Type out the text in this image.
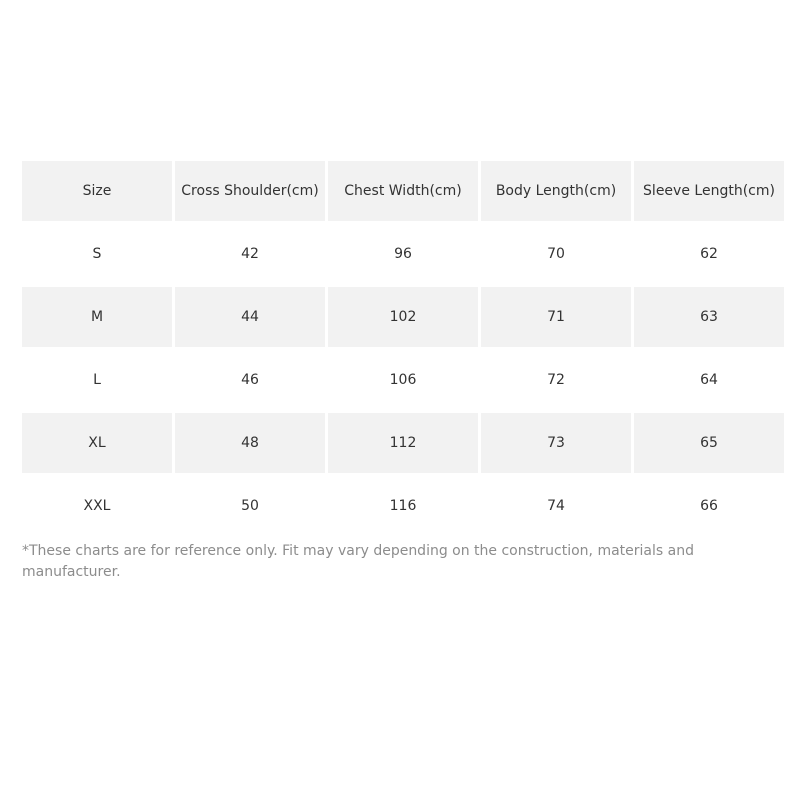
Size	Cross Shoulder(cm)	Chest Width(cm)	Body Length(cm)	Sleeve Length(cm)
S	42	96	70	62
M	44	102	71	63
L	46	106	72	64
XL	48	112	73	65
XXL	50	116	74	66

*These charts are for reference only. Fit may vary depending on the construction, materials and manufacturer.
